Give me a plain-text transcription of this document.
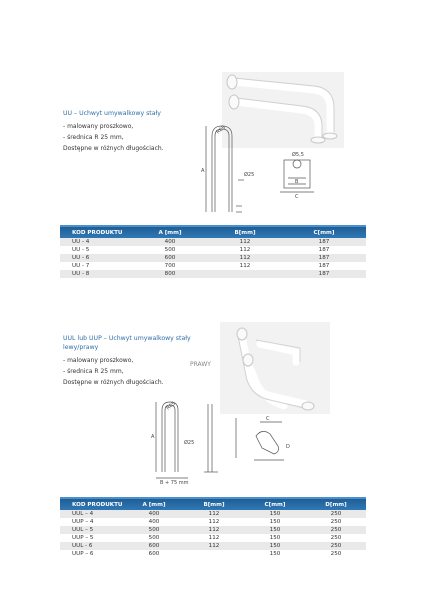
UU – Uchwyt umywalkowy stały
- malowany proszkowo,
- średnica R 25 mm,
Dostępne w różnych długościach.
R65
A
Ø25
Ø5,5
B
C
KOD PRODUKTU	A [mm]	B[mm]	C[mm]
UU - 4	400	112	187
UU - 5	500	112	187
UU - 6	600	112	187
UU - 7	700	112	187
UU - 8	800		187
PRAWY
UUL lub UUP – Uchwyt umywalkowy stały
lewy/prawy
- malowany proszkowo,
- średnica R 25 mm,
Dostępne w różnych długościach.
R65
A
Ø25
B + 75 mm
C
D
KOD PRODUKTU	A [mm]	B[mm]	C[mm]	D[mm]
UUL – 4	400	112	150	250
UUP – 4	400	112	150	250
UUL – 5	500	112	150	250
UUP – 5	500	112	150	250
UUL - 6	600	112	150	250
UUP – 6	600		150	250
